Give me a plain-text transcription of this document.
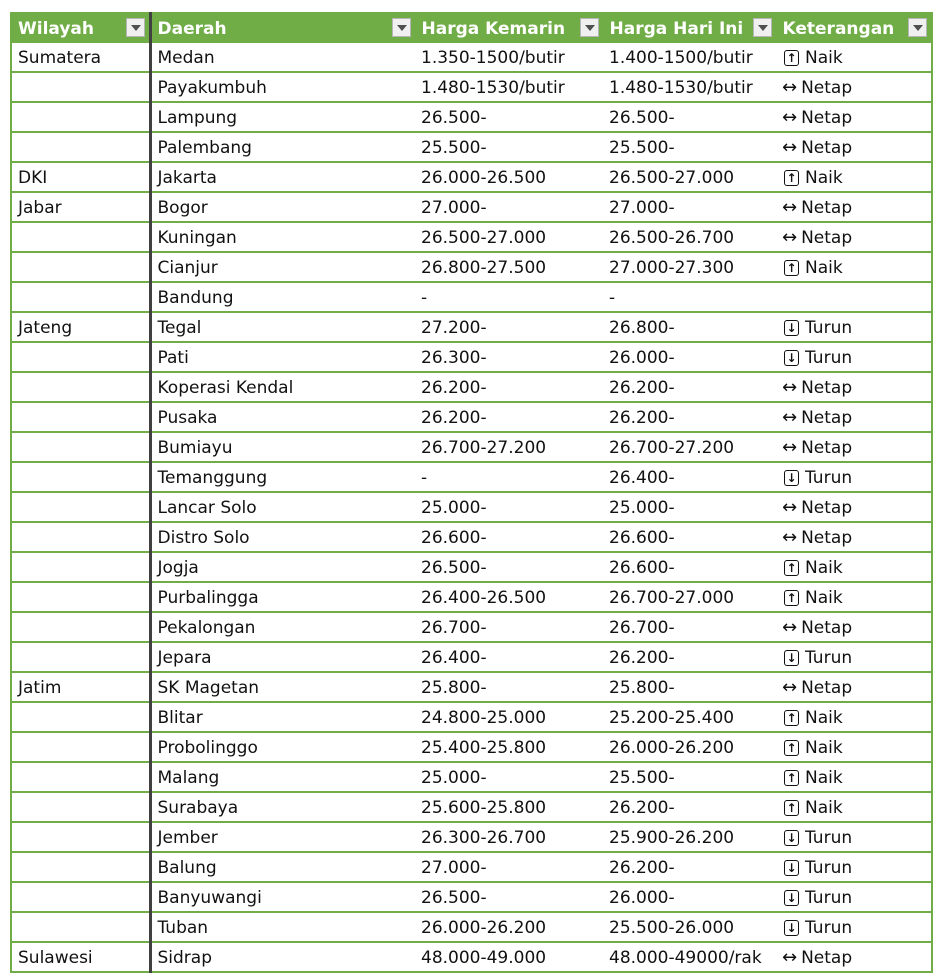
Wilayah	Daerah	Harga Kemarin	Harga Hari Ini	Keterangan

Sumatera	Medan	1.350-1500/butir	1.400-1500/butir	↑ Naik

	Payakumbuh	1.480-1530/butir	1.480-1530/butir	↔ Netap

	Lampung	26.500-	26.500-	↔ Netap

	Palembang	25.500-	25.500-	↔ Netap

DKI	Jakarta	26.000-26.500	26.500-27.000	↑ Naik

Jabar	Bogor	27.000-	27.000-	↔ Netap

	Kuningan	26.500-27.000	26.500-26.700	↔ Netap

	Cianjur	26.800-27.500	27.000-27.300	↑ Naik

	Bandung	-	-	
Jateng	Tegal	27.200-	26.800-	↓ Turun

	Pati	26.300-	26.000-	↓ Turun

	Koperasi Kendal	26.200-	26.200-	↔ Netap

	Pusaka	26.200-	26.200-	↔ Netap

	Bumiayu	26.700-27.200	26.700-27.200	↔ Netap

	Temanggung	-	26.400-	↓ Turun

	Lancar Solo	25.000-	25.000-	↔ Netap

	Distro Solo	26.600-	26.600-	↔ Netap

	Jogja	26.500-	26.600-	↑ Naik

	Purbalingga	26.400-26.500	26.700-27.000	↑ Naik

	Pekalongan	26.700-	26.700-	↔ Netap

	Jepara	26.400-	26.200-	↓ Turun

Jatim	SK Magetan	25.800-	25.800-	↔ Netap

	Blitar	24.800-25.000	25.200-25.400	↑ Naik

	Probolinggo	25.400-25.800	26.000-26.200	↑ Naik

	Malang	25.000-	25.500-	↑ Naik

	Surabaya	25.600-25.800	26.200-	↑ Naik

	Jember	26.300-26.700	25.900-26.200	↓ Turun

	Balung	27.000-	26.200-	↓ Turun

	Banyuwangi	26.500-	26.000-	↓ Turun

	Tuban	26.000-26.200	25.500-26.000	↓ Turun

Sulawesi	Sidrap	48.000-49.000	48.000-49000/rak	↔ Netap
